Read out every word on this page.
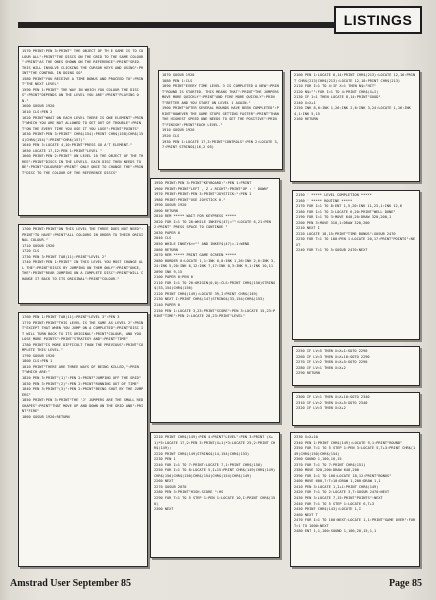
LISTINGS
1570 PRINT:PEN 3:PRINT" THE OBJECT OF TH E GAME IS TO COLOUR ALL":PRINT"THE DISCS ON THE GRID TO THE SAME COLOUR ":PRINT"AS THE ONES SHOWN ON THE REFERENCE":PRINT"GRID. THIS WILL INVOLVE CLICKING THE CURSOR KEYS AND USING":PRINT"THE CONTROL IN DOING SO"
1580 PRINT"YOU RECEIVE A TIME BONUS AND PROCEED TO":PRINT"THE NEXT LEVEL"
1590 PEN 1:PRINT" THE WAY IN WHICH YOU COLOUR THE DISCS":PRINT"DEPENDS ON THE LEVEL YOU ARE":PRINT"PLAYING ON."
1600 GOSUB 1920
1610 CLS:PEN 2
1620 PRINT"WHAT ON EACH LEVEL THERE IS ONE ELEMENT":PRINT"WHICH YOU ARE NOT ALLOWED TO GET OUT OF TROUBLE":PRINT"ON THE EVERY TIME YOU USE IT YOU LOSE":PRINT"POINTS"
1630 PRINT:PEN 3:PRINT" CHR$(154):PRINT CHR$(158)CHR$(154)CHR$(154)":PRINT"CHR$(157)"
1640 PEN 3:LOCATE 4,10:PRINT"PRESS GO A'T ELEMENT."
1650 LOCATE 17,12:PEN 1:PRINT"LEVEL "
1660 PRINT:PEN 2:PRINT" ON LEVEL 10 THE OBJECT OF THE THREE":PRINT"DISCS IN THE LEVELS. EACH DISC THEN NEEDS TO BE":PRINT"COLOURED":PRINT" ONLY ONCE TO CHANGE THE":PRINT"DISC TO THE COLOUR OF THE REFERENCE DISCS"
1700 PRINT:PRINT"ON THIS LEVEL THE THREE DOES NOT NEED":PRINT"TO HAVE":PRINT"ALL COLOURS IN ORDER TO THEIR ORIGINAL COLOUR."
1710 GOSUB 1920
1720 CLS
1730 PEN 3:PRINT TAB(11):PRINT"LEVEL 2"
1740 PRINT:PEN 1:PRINT" IN THIS LEVEL YOU MUST CHANGE ALL THE":PRINT"DISCS BY JUMPING ON THEM ONLY":PRINT"ONCE, THE":PRINT"REAR JUMPING ON A COMPLETE DISC":PRINT"WILL CHANGE IT BACK TO ITS ORIGINAL":PRINT"COLOUR."
1760 PEN 1:PRINT TAB(11):PRINT"LEVEL 3":PEN 3
1770 PRINT:PRINT"THIS LEVEL IS THE SAME AS LEVEL 2":PRINT"EXCEPT THAT WHEN YOU JUMP ON A COMPLETED":PRINT"DISC IT WILL TURN BACK TO ITS ORIGINAL":PRINT"COLOUR, AND YOU LOSE MORE POINTS":PRINT"STRATEGY AND":PRINT"TIME"
1780 PRINT"IS MORE DIFFICULT THAN THE PREVIOUS":PRINT"COMPLETE THIS LEVEL."
1790 GOSUB 1920
1800 CLS:PEN 1
1810 PRINT"THERE ARE THREE WAYS OF BEING KILLED,":PRINT"WHICH ARE:"
1820 PEN 3:PRINT"(1)":PEN 2:PRINT"JUMPING OFF THE GRID"
1830 PEN 3:PRINT"(2)":PEN 2:PRINT"RUNNING OUT OF TIME"
1840 PEN 3:PRINT"(3)":PEN 2:PRINT"BEING SHOT BY THE JUMPERS"
1850 PRINT:PEN 3:PRINT"THE 'J' JUMPERS ARE THE SMALL RED SHAPES":PRINT"THAT MOVE UP AND DOWN ON THE GRID AND":PRINT"FIRE"
1860 GOSUB 1920:RETURN
1870 GOSUB 1920
1880 PEN 1:CLS
1890 PRINT"EVERY TIME LEVEL 3 IS COMPLETED A NEW":PRINT"ROUND IS STARTED. THIS MEANS THAT":PRINT"THE JUMPERS MOVE MORE QUICKLY":PRINT"AND FIRE MORE QUICKLY":PRINT"BETTER AND YOU START ON LEVEL 1 AGAIN."
1900 PRINT"AFTER SEVERAL ROUNDS HAVE BEEN COMPLETED":PRINT"HOWEVER THE GAME STOPS GETTING FASTER":PRINT"THAN THE HIGHEST SPEED ONE NEEDS TO GET THE POSITIVE":PRINT"FINISH":PRINT"EACH LEVEL."
1910 GOSUB 1920
1920 CLS
1930 PEN 1:LOCATE 17,3:PRINT"CONTROLS":PEN 2:LOCATE 3,7:PRINT STRING$(16,2 05)
1950 PRINT:PEN 3:PRINT"KEYBOARD:":PEN 1:PRINT
1960 PRINT:PRINT"LEFT , Z + RIGHT":PRINT"UP : ' DOWN"
1970 PRINT:PRINT:PEN 3:PRINT"JOYSTICK:":PEN 1
1980 PRINT:PRINT"USE JOYSTICK 0."
1990 GOSUB 1920
2000 RETURN
2010 REM ***** WAIT FOR KEYPRESS *****
2020 FOR I=1 TO 20:WHILE INKEY$(47)="":LOCATE 6,21:PEN 2:PRINT" PRESS SPACE TO CONTINUE "
2030 PAPER 0
2040 CLS
2050 WHILE INKEY$<>"" AND INKEY$(47)=-1:WEND
2060 RETURN
2070 REM ***** PRINT GAME SCREEN *****
2080 BORDER 0:LOCATE 1,1:INK 0,0:INK 1,26:INK 2,6:INK 3,24:INK 5,20:INK 6,12:INK 7,17:INK 8,3:INK 9,1:INK 10,11
2090 INK 9,15
2100 PAPER 0:PEN 0
2110 FOR I=1 TO 20:ORIGIN(0,0):CLS:PRINT CHR$(150)STRING$(33,154)CHR$(156)
2120 PRINT CHR$(149):LOCATE 39,I:PRINT CHR$(149)
2130 NEXT I:PRINT CHR$(147)STRING$(33,154)CHR$(153)
2140 PAPER 0
2150 PEN 1:LOCATE 3,23:PRINT"SCORE":PEN 3:LOCATE 15,23:PRINT"TIME":PEN 2:LOCATE 28,23:PRINT"LEVEL"
2210 PRINT CHR$(149):PEN 4:PRINT"LEVEL":PEN 3:PRINT (X+1)*5:LOCATE 17,2:PEN 3:PRINT(X+1)*3:LOCATE 25,2:PRINT CHR$(149);
2220 PRINT CHR$(149)STRING$(14,154)CHR$(153)
2230 PEN 1
2240 FOR I=1 TO 7:PRINT:LOCATE 7,1:PRINT CHR$(150)
2250 FOR I=1 TO 8:LOCATE 5,I+15:PRINT CHR$(149)CHR$(149)CHR$(150)CHR$(150)CHR$(154)CHR$(154)CHR$(149)
2260 NEXT
2270 GOSUB 2070
2280 PEN 3:PRINT"HIGH-SCORE ":HS
2290 FOR T=1 TO 5 STEP 1:PEN 1:LOCATE 10,I:PRINT CHR$(150)
2300 NEXT
2100 PEN 1:LOCATE 8,14:PRINT CHR$(213):LOCATE 12,16:PRINT CHR$(213)CHR$(213):LOCATE 12,18:PRINT CHR$(213)
2110 FOR I=1 TO 4:IF X=1 THEN N$="HIT"
2120 N$="":FOR I=1 TO 4:PRINT CHR$(X+I)
2130 IF 1=1 THEN LOCATE 8,14:PRINT"GOOD"
2140 X=X+1
2150 INK 8,0:INK 1,26:INK 2,6:INK 3,24:LOCATE 1,16:INK 4,1:INK 5,15
2160 RETURN
2150 ' ***** LEVEL COMPLETION *****
2160 ' ***** ROUTINE *****
2170 FOR I=1 TO 8:ENT 1,5,20:INK 11,23,1:INK 12,6
2180 FOR I=1 TO 3:LOCATE 6,20:PRINT"WELL DONE"
2190 FOR I=1 TO 3:MOVE 640,20:DRAW 320,200,1
2200 PEN 3:MOVE 318,1:DRAW 320,200
2210 NEXT I
2220 LOCATE 18,15:PRINT"TIME BONUS":GOSUB 2470
2230 FOR T=1 TO 100:PEN 1:LOCATE 20,17:PRINT"POINTS":NEXT
2240 FOR T=1 TO 5:GOSUB 2470:NEXT
2250 IF LV=5 THEN X=X+1:GOTO 2290
2260 IF LV=3 THEN X=X+10:GOTO 2290
2270 IF LV=2 THEN X=X+5:GOTO 2290
2280 IF LV=1 THEN X=X+2
2290 RETURN
2300 IF LV=1 THEN X=X+10:GOTO 2340
2310 IF LV=2 THEN X=X+5:GOTO 2340
2320 IF LV=3 THEN X=X+2
2330 X=X+10
2340 PEN 1:PRINT CHR$(149):LOCATE 9,1:PRINT"ROUND"
2350 FOR T=1 TO 5 STEP 1:PEN 3:LOCATE 5,T+3:PRINT CHR$(149)CHR$(150)CHR$(154)
2360 SOUND 1,100,10,15
2370 FOR T=1 TO 7:PRINT CHR$(151)
2380 MOVE 320,200:DRAW 640,200
2390 FOR I=1 TO 100:LOCATE 18,12:PRINT"BONUS"
2400 MOVE 600,7:T=10:DRAW 1,200:DRAW 1,1
2410 PEN 3:LOCATE 1,I+1:PRINT CHR$(149)
2420 FOR T=1 TO 2:LOCATE 3,T:GOSUB 2470:NEXT
2430 PEN 3:LOCATE 7,15:PRINT"POINTS":NEXT
2440 FOR T=1 TO 5 STEP 1:LOCATE 6,T+3
2450 PRINT CHR$(143):LOCATE 1,I
2460 NEXT T
2470 FOR I=1 TO 100:NEXT:LOCATE 1,1:PRINT"GAME OVER":FOR T=1 TO 1000:NEXT
2480 ENT 1,1,100:SOUND 1,100,20,15,1,1
Amstrad User September 85	Page 85
